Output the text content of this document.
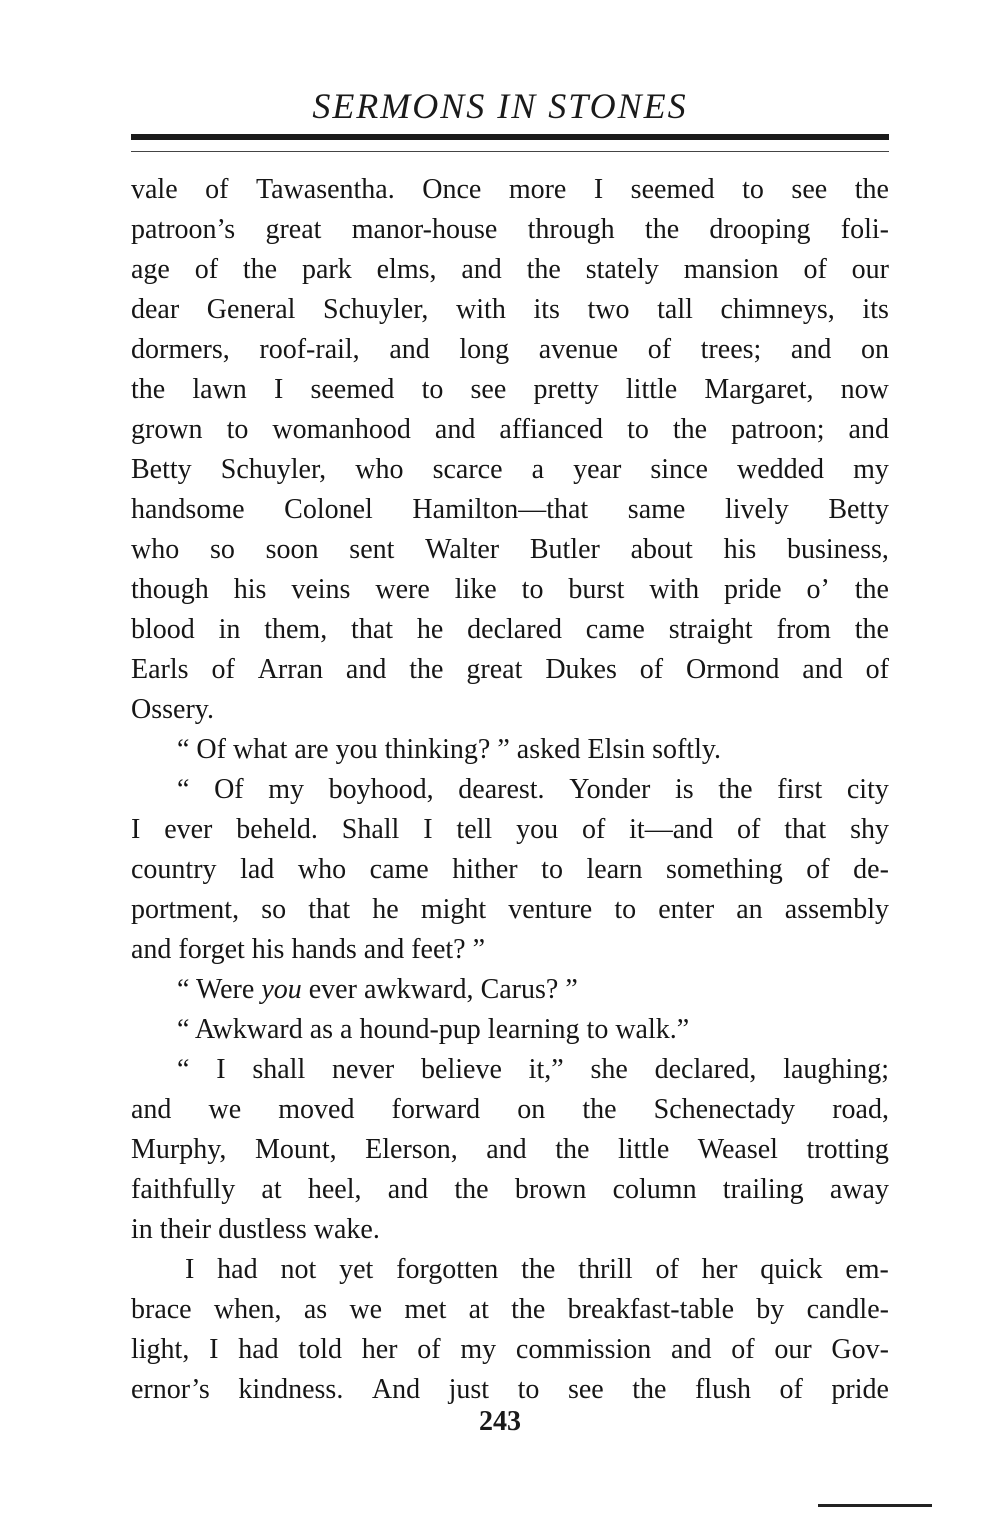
SERMONS IN STONES
vale of Tawasentha. Once more I seemed to see the
patroon’s great manor-house through the drooping foli-
age of the park elms, and the stately mansion of our
dear General Schuyler, with its two tall chimneys, its
dormers, roof-rail, and long avenue of trees; and on
the lawn I seemed to see pretty little Margaret, now
grown to womanhood and affianced to the patroon; and
Betty Schuyler, who scarce a year since wedded my
handsome Colonel Hamilton—that same lively Betty
who so soon sent Walter Butler about his business,
though his veins were like to burst with pride o’ the
blood in them, that he declared came straight from the
Earls of Arran and the great Dukes of Ormond and of
Ossery.
“ Of what are you thinking? ” asked Elsin softly.
“ Of my boyhood, dearest. Yonder is the first city
I ever beheld. Shall I tell you of it—and of that shy
country lad who came hither to learn something of de-
portment, so that he might venture to enter an assembly
and forget his hands and feet? ”
“ Were you ever awkward, Carus? ”
“ Awkward as a hound-pup learning to walk.”
“ I shall never believe it,” she declared, laughing;
and we moved forward on the Schenectady road,
Murphy, Mount, Elerson, and the little Weasel trotting
faithfully at heel, and the brown column trailing away
in their dustless wake.
I had not yet forgotten the thrill of her quick em-
brace when, as we met at the breakfast-table by candle-
light, I had told her of my commission and of our Gov-
ernor’s kindness. And just to see the flush of pride
243
